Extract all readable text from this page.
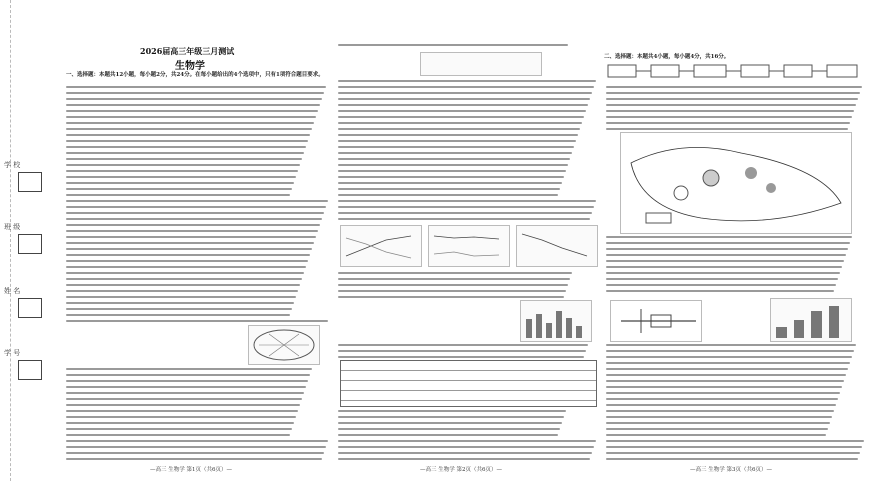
学 校
班 级
姓 名
学 号
2026届高三年级三月测试
生物学
一、选择题：本题共12小题，每小题2分，共24分。在每小题给出的4个选项中，只有1项符合题目要求。
二、选择题：本题共4小题，每小题4分，共16分。
—高三 生物学 第1页（共6页）—	—高三 生物学 第2页（共6页）—	—高三 生物学 第3页（共6页）—
